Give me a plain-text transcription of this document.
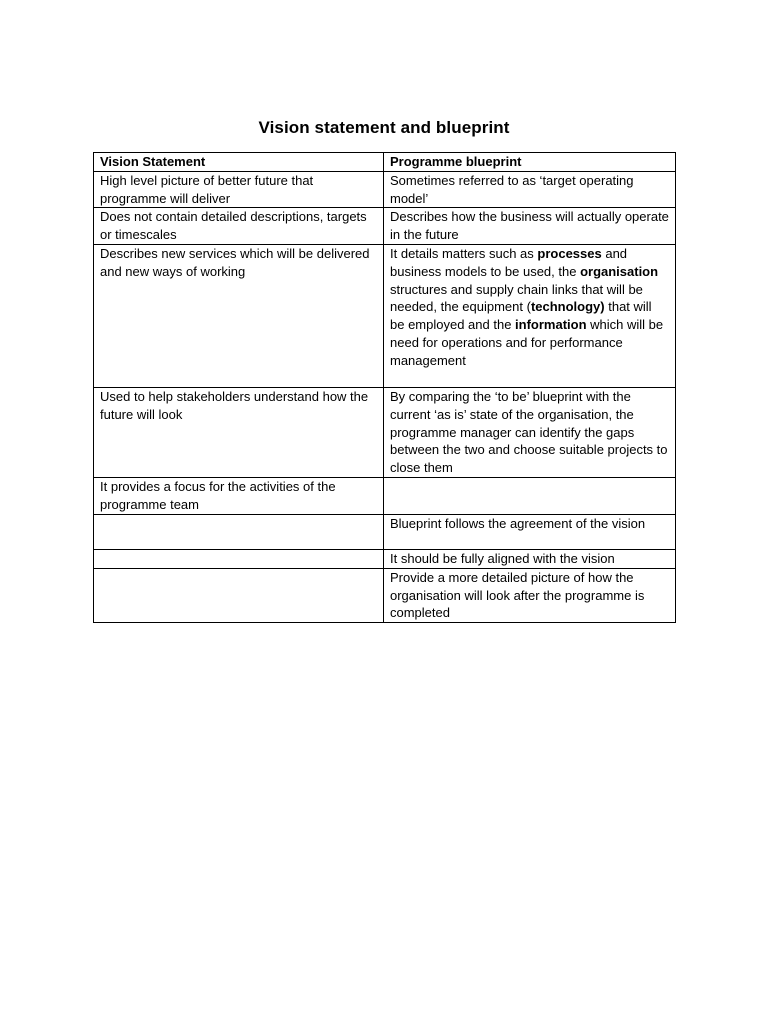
Vision statement and blueprint
Vision Statement	Programme blueprint
High level picture of better future that programme will deliver	Sometimes referred to as ‘target operating model’
Does not contain detailed descriptions, targets or timescales	Describes how the business will actually operate in the future
Describes new services which will be delivered and new ways of working	It details matters such as processes and business models to be used, the organisation structures and supply chain links that will be needed, the equipment (technology) that will be employed and the information which will be need for operations and for performance management
Used to help stakeholders understand how the future will look	By comparing the ‘to be’ blueprint with the current ‘as is’ state of the organisation, the programme manager can identify the gaps between the two and choose suitable projects to close them
It provides a focus for the activities of the programme team	
	Blueprint follows the agreement of the vision
	It should be fully aligned with the vision
	Provide a more detailed picture of how the organisation will look after the programme is completed
